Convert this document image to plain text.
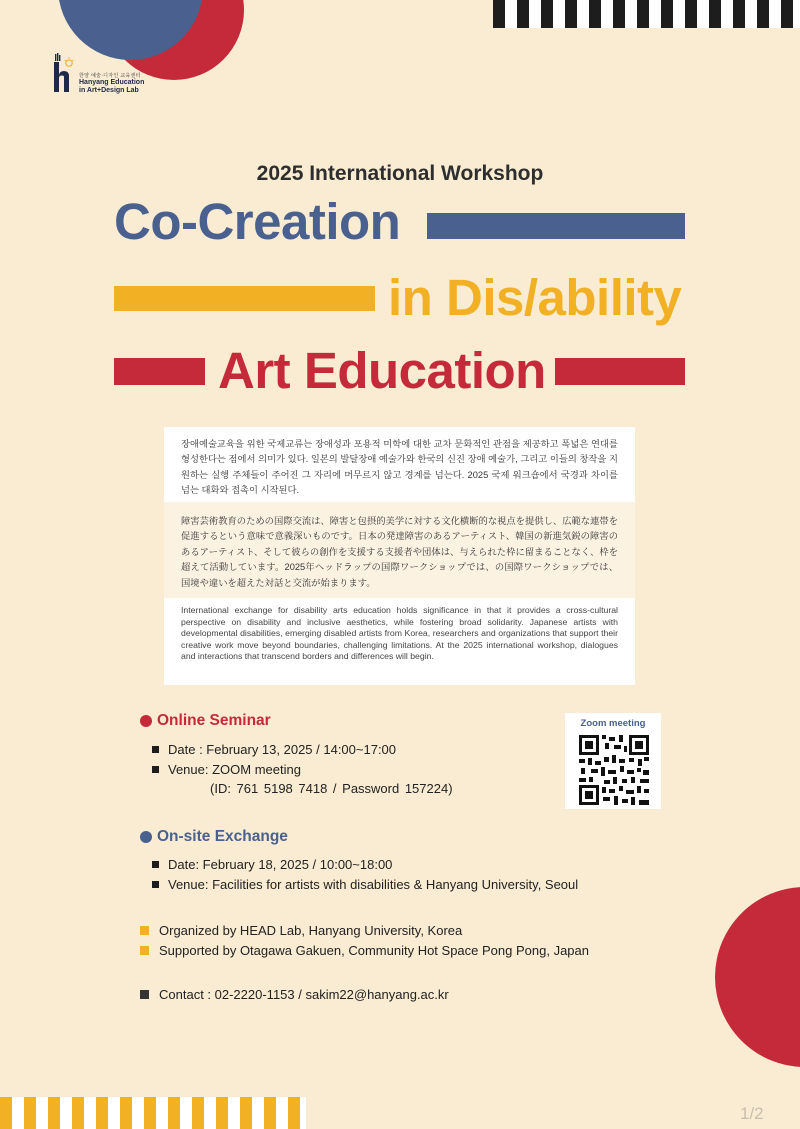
한양 예술·디자인 교육센터
Hanyang Education
in Art+Design Lab
2025 International Workshop
Co-Creation
in Dis/ability
Art Education
장애예술교육을 위한 국제교류는 장애성과 포용적 미학에 대한 교차 문화적인 관점을 제공하고 폭넓은 연대를 형성한다는 점에서 의미가 있다. 일본의 발달장애 예술가와 한국의 신진 장애 예술가, 그리고 이들의 창작을 지원하는 실행 주체들이 주어진 그 자리에 머무르지 않고 경계를 넘는다. 2025 국제 워크숍에서 국경과 차이를 넘는 대화와 접촉이 시작된다.
障害芸術教育のための国際交流は、障害と包摂的美学に対する文化横断的な視点を提供し、広範な連帯を促進するという意味で意義深いものです。日本の発達障害のあるアーティスト、韓国の新進気鋭の障害のあるアーティスト、そして彼らの創作を支援する支援者や団体は、与えられた枠に留まることなく、枠を超えて活動しています。2025年ヘッドラップの国際ワークショップでは、の国際ワークショップでは、国境や違いを超えた対話と交流が始まります。
International exchange for disability arts education holds significance in that it provides a cross-cultural perspective on disability and inclusive aesthetics, while fostering broad solidarity. Japanese artists with developmental disabilities, emerging disabled artists from Korea, researchers and organizations that support their creative work move beyond boundaries, challenging limitations. At the 2025 international workshop, dialogues and interactions that transcend borders and differences will begin.
Online Seminar
Date : February 13, 2025 / 14:00~17:00
Venue: ZOOM meeting
(ID: 761 5198 7418 / Password 157224)
Zoom meeting
On-site Exchange
Date: February 18, 2025 / 10:00~18:00
Venue: Facilities for artists with disabilities & Hanyang University, Seoul
Organized by HEAD Lab, Hanyang University, Korea
Supported by Otagawa Gakuen, Community Hot Space Pong Pong, Japan
Contact : 02-2220-1153 / sakim22@hanyang.ac.kr
1/2
